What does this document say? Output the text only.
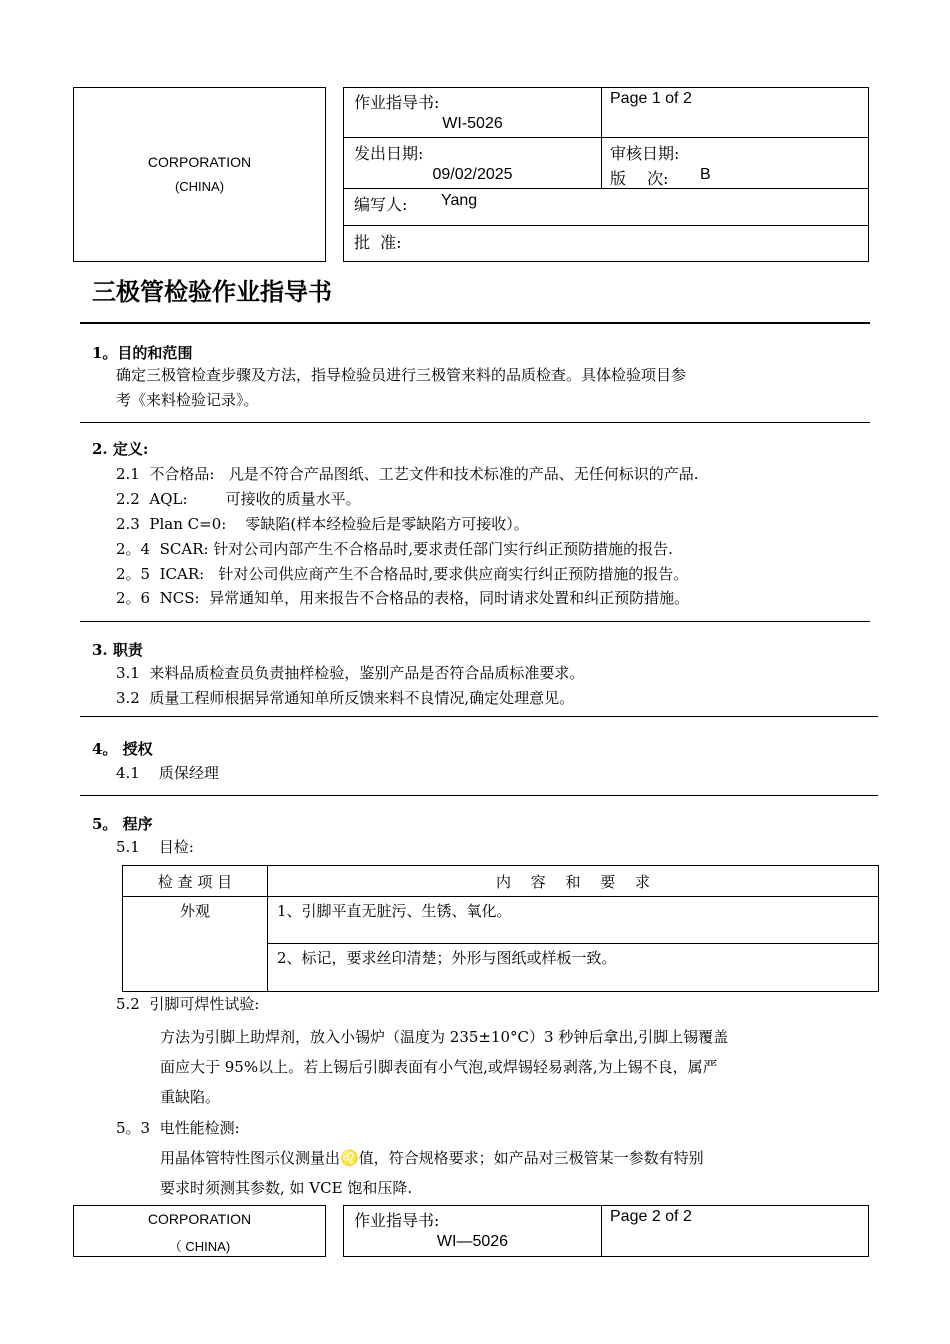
CORPORATION
(CHINA)
作业指导书:
WI-5026
Page 1 of 2
发出日期:
09/02/2025
审核日期:
版　 次: B
编写人: Yang
批  准:
三极管检验作业指导书
1。目的和范围
确定三极管检查步骤及方法，指导检验员进行三极管来料的品质检查。具体检验项目参
考《来料检验记录》。
2. 定义:
2.1  不合格品:   凡是不符合产品图纸、工艺文件和技术标准的产品、无任何标识的产品.
2.2  AQL:        可接收的质量水平。
2.3  Plan C=0:    零缺陷(样本经检验后是零缺陷方可接收）。
2。4  SCAR: 针对公司内部产生不合格品时,要求责任部门实行纠正预防措施的报告.
2。5  ICAR:   针对公司供应商产生不合格品时,要求供应商实行纠正预防措施的报告。
2。6  NCS:  异常通知单，用来报告不合格品的表格，同时请求处置和纠正预防措施。
3. 职责
3.1  来料品质检查员负责抽样检验，鉴别产品是否符合品质标准要求。
3.2  质量工程师根据异常通知单所反馈来料不良情况,确定处理意见。
4。 授权
4.1    质保经理
5。 程序
5.1    目检:
检 查 项 目	内　 容　 和　 要　 求
外观	1、引脚平直无脏污、生锈、氧化。
	2、标记，要求丝印清楚；外形与图纸或样板一致。
5.2  引脚可焊性试验:
方法为引脚上助焊剂，放入小锡炉（温度为 235±10°C）3 秒钟后拿出,引脚上锡覆盖
面应大于 95%以上。若上锡后引脚表面有小气泡,或焊锡轻易剥落,为上锡不良，属严
重缺陷。
5。3  电性能检测:
用晶体管特性图示仪测量出♌值，符合规格要求；如产品对三极管某一参数有特别
要求时须测其参数, 如 VCE 饱和压降.
CORPORATION
（ CHINA)
作业指导书:
WI—5026
Page 2 of 2
